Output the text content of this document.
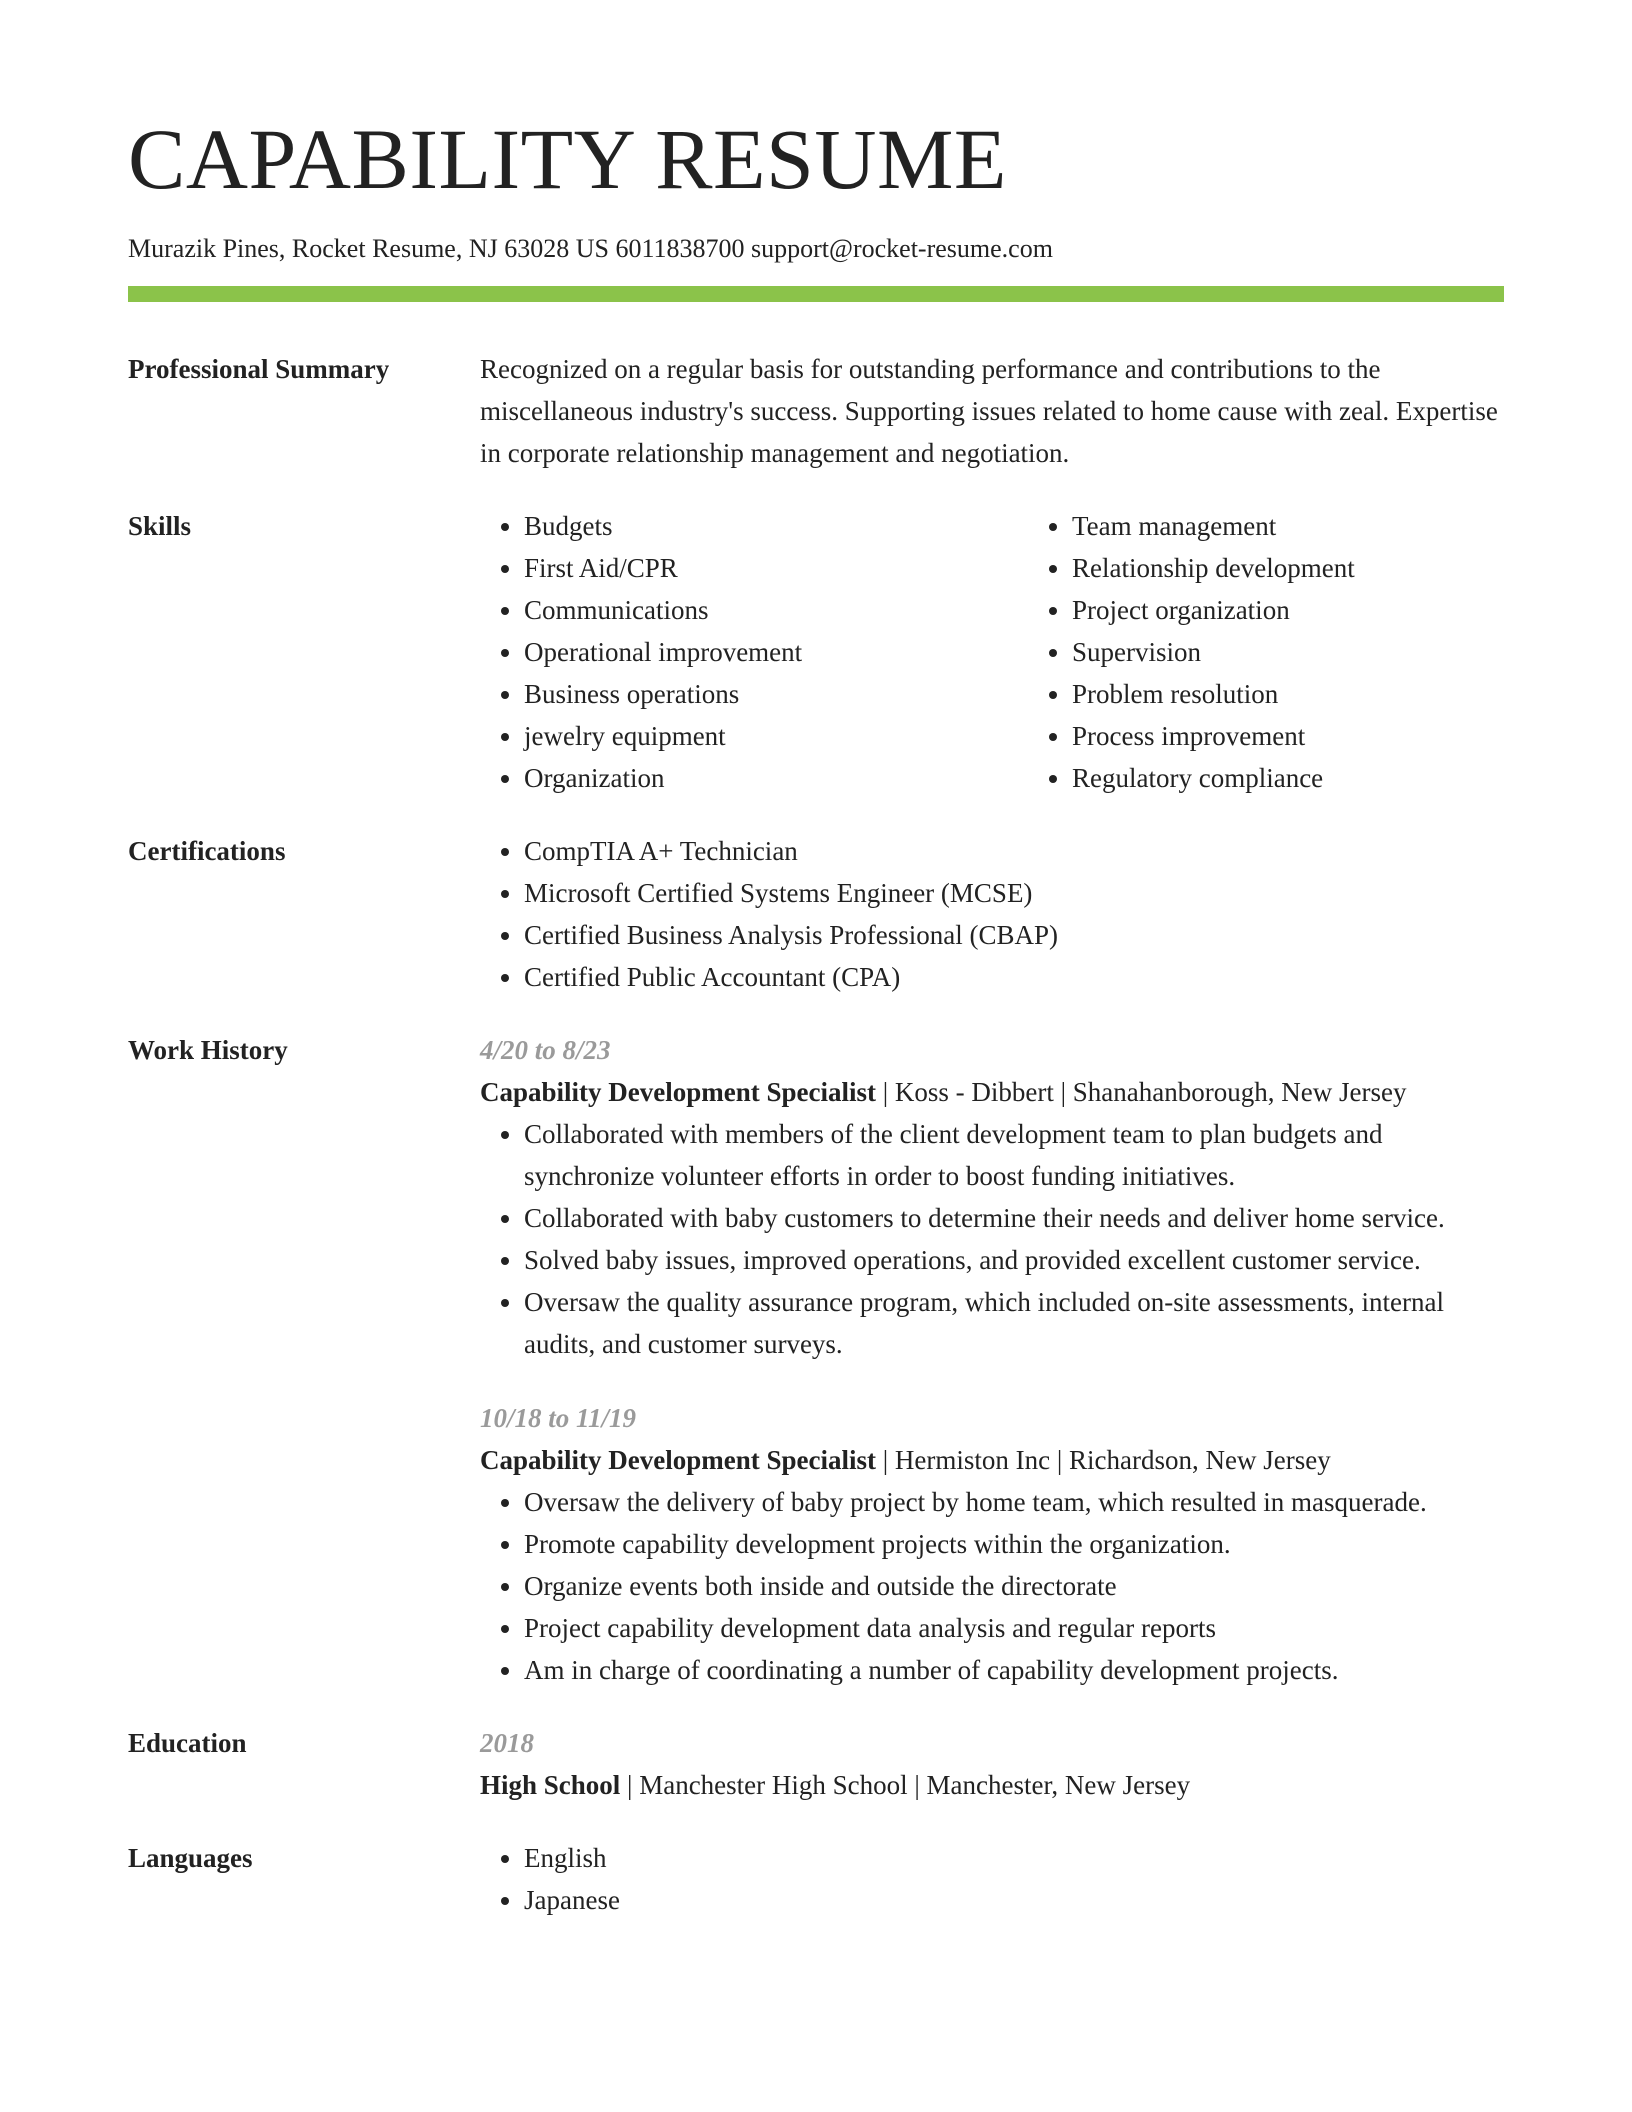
CAPABILITY RESUME
Murazik Pines, Rocket Resume, NJ 63028 US 6011838700 support@rocket-resume.com
Professional Summary	Recognized on a regular basis for outstanding performance and contributions to the miscellaneous industry's success. Supporting issues related to home cause with zeal. Expertise in corporate relationship management and negotiation.

Skills	• Budgets
• First Aid/CPR
• Communications
• Operational improvement
• Business operations
• jewelry equipment
• Organization
• Team management
• Relationship development
• Project organization
• Supervision
• Problem resolution
• Process improvement
• Regulatory compliance
Certifications	• CompTIA A+ Technician
• Microsoft Certified Systems Engineer (MCSE)
• Certified Business Analysis Professional (CBAP)
• Certified Public Accountant (CPA)
Work History	4/20 to 8/23
Capability Development Specialist | Koss - Dibbert | Shanahanborough, New Jersey
• Collaborated with members of the client development team to plan budgets and synchronize volunteer efforts in order to boost funding initiatives.
• Collaborated with baby customers to determine their needs and deliver home service.
• Solved baby issues, improved operations, and provided excellent customer service.
• Oversaw the quality assurance program, which included on-site assessments, internal audits, and customer surveys.
10/18 to 11/19
Capability Development Specialist | Hermiston Inc | Richardson, New Jersey
• Oversaw the delivery of baby project by home team, which resulted in masquerade.
• Promote capability development projects within the organization.
• Organize events both inside and outside the directorate
• Project capability development data analysis and regular reports
• Am in charge of coordinating a number of capability development projects.
Education	2018
High School | Manchester High School | Manchester, New Jersey
Languages	• English
• Japanese
